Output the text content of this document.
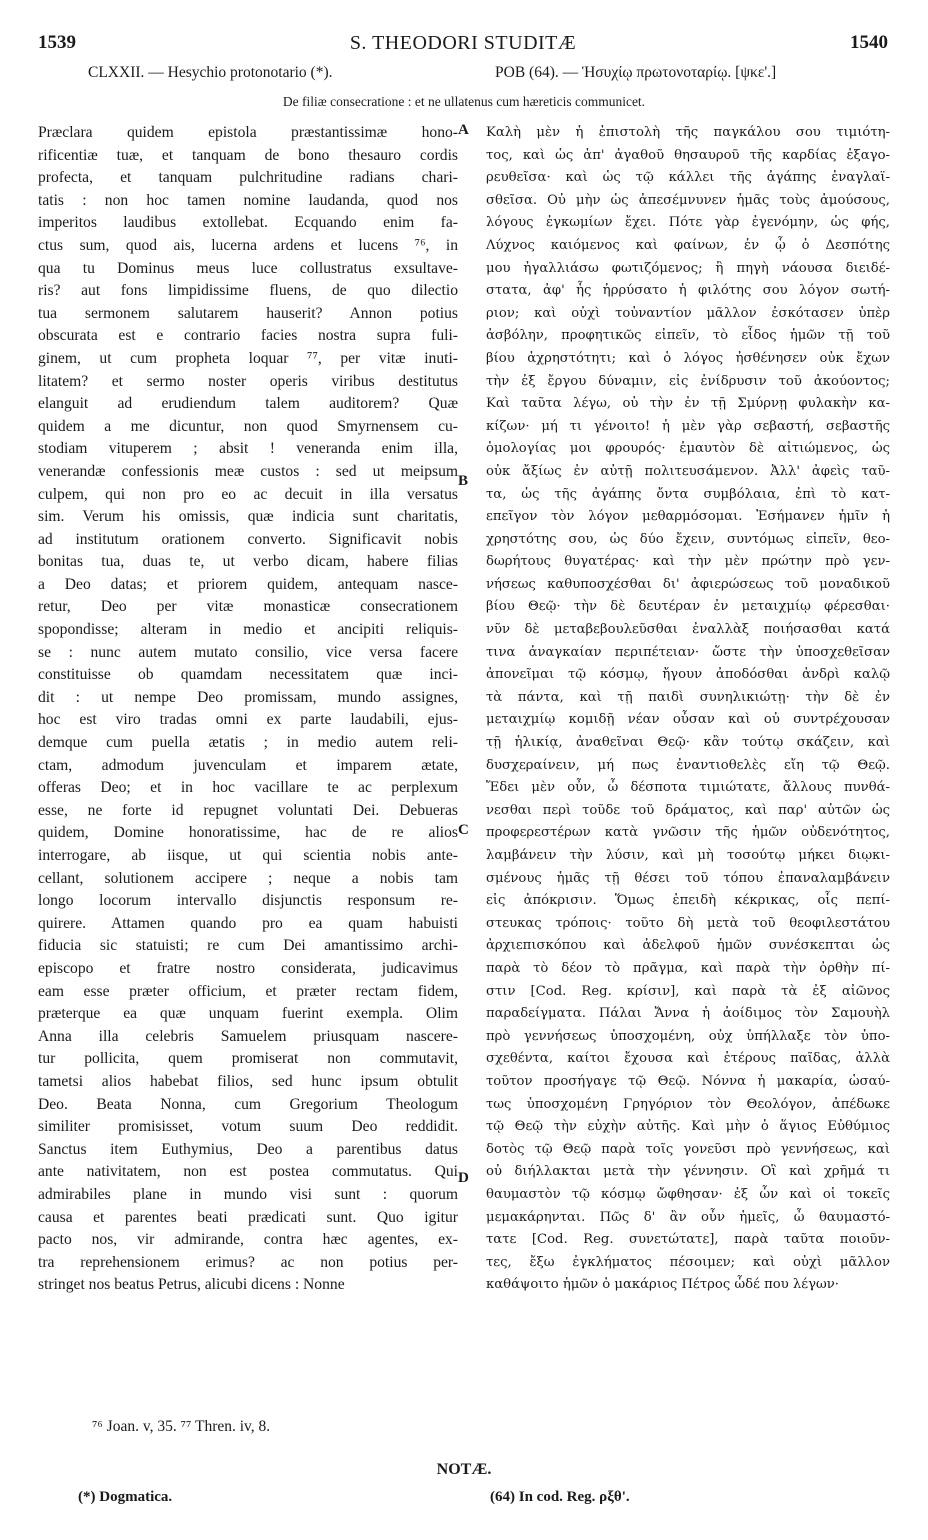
1539	S. THEODORI STUDITÆ	1540
CLXXII. — Hesychio protonotario (*).	ΡΟΒ (64). — Ἡσυχίῳ πρωτονοταρίῳ. [ψκε'.]
De filiæ consecratione : et ne ullatenus cum hæreticis communicet.
Præclara quidem epistola præstantissimæ hono-
rificentiæ tuæ, et tanquam de bono thesauro cordis
profecta, et tanquam pulchritudine radians chari-
tatis : non hoc tamen nomine laudanda, quod nos
imperitos laudibus extollebat. Ecquando enim fa-
ctus sum, quod ais, lucerna ardens et lucens ⁷⁶, in
qua tu Dominus meus luce collustratus exsultave-
ris? aut fons limpidissime fluens, de quo dilectio
tua sermonem salutarem hauserit? Annon potius
obscurata est e contrario facies nostra supra fuli-
ginem, ut cum propheta loquar ⁷⁷, per vitæ inuti-
litatem? et sermo noster operis viribus destitutus
elanguit ad erudiendum talem auditorem? Quæ
quidem a me dicuntur, non quod Smyrnensem cu-
stodiam vituperem ; absit ! veneranda enim illa,
venerandæ confessionis meæ custos : sed ut meipsum
culpem, qui non pro eo ac decuit in illa versatus
sim. Verum his omissis, quæ indicia sunt charitatis,
ad institutum orationem converto. Significavit nobis
bonitas tua, duas te, ut verbo dicam, habere filias
a Deo datas; et priorem quidem, antequam nasce-
retur, Deo per vitæ monasticæ consecrationem
spopondisse; alteram in medio et ancipiti reliquis-
se : nunc autem mutato consilio, vice versa facere
constituisse ob quamdam necessitatem quæ inci-
dit : ut nempe Deo promissam, mundo assignes,
hoc est viro tradas omni ex parte laudabili, ejus-
demque cum puella ætatis ; in medio autem reli-
ctam, admodum juvenculam et imparem ætate,
offeras Deo; et in hoc vacillare te ac perplexum
esse, ne forte id repugnet voluntati Dei. Debueras
quidem, Domine honoratissime, hac de re alios
interrogare, ab iisque, ut qui scientia nobis ante-
cellant, solutionem accipere ; neque a nobis tam
longo locorum intervallo disjunctis responsum re-
quirere. Attamen quando pro ea quam habuisti
fiducia sic statuisti; re cum Dei amantissimo archi-
episcopo et fratre nostro considerata, judicavimus
eam esse præter officium, et præter rectam fidem,
præterque ea quæ unquam fuerint exempla. Olim
Anna illa celebris Samuelem priusquam nascere-
tur pollicita, quem promiserat non commutavit,
tametsi alios habebat filios, sed hunc ipsum obtulit
Deo. Beata Nonna, cum Gregorium Theologum
similiter promisisset, votum suum Deo reddidit.
Sanctus item Euthymius, Deo a parentibus datus
ante nativitatem, non est postea commutatus. Qui
admirabiles plane in mundo visi sunt : quorum
causa et parentes beati prædicati sunt. Quo igitur
pacto nos, vir admirande, contra hæc agentes, ex-
tra reprehensionem erimus? ac non potius per-
stringet nos beatus Petrus, alicubi dicens : Nonne
Καλὴ μὲν ἡ ἐπιστολὴ τῆς παγκάλου σου τιμιότη-
τος, καὶ ὡς ἀπ' ἀγαθοῦ θησαυροῦ τῆς καρδίας ἐξαγο-
ρευθεῖσα· καὶ ὡς τῷ κάλλει τῆς ἀγάπης ἐναγλαϊ-
σθεῖσα. Οὐ μὴν ὡς ἀπεσέμνυνεν ἡμᾶς τοὺς ἀμούσους,
λόγους ἐγκωμίων ἔχει. Πότε γὰρ ἐγενόμην, ὡς φής,
Λύχνος καιόμενος καὶ φαίνων, ἐν ᾧ ὁ Δεσπότης
μου ἠγαλλιάσω φωτιζόμενος; ἢ πηγὴ νάουσα διειδέ-
στατα, ἀφ' ἧς ἠρρύσατο ἡ φιλότης σου λόγον σωτή-
ριον; καὶ οὐχὶ τοὐναντίον μᾶλλον ἐσκότασεν ὑπὲρ
ἀσβόλην, προφητικῶς εἰπεῖν, τὸ εἶδος ἡμῶν τῇ τοῦ
βίου ἀχρηστότητι; καὶ ὁ λόγος ἠσθένησεν οὐκ ἔχων
τὴν ἐξ ἔργου δύναμιν, εἰς ἐνίδρυσιν τοῦ ἀκούοντος;
Καὶ ταῦτα λέγω, οὐ τὴν ἐν τῇ Σμύρνῃ φυλακὴν κα-
κίζων· μή τι γένοιτο! ἡ μὲν γὰρ σεβαστή, σεβαστῆς
ὁμολογίας μοι φρουρός· ἐμαυτὸν δὲ αἰτιώμενος, ὡς
οὐκ ἄξίως ἐν αὐτῇ πολιτευσάμενον. Ἀλλ' ἀφεὶς ταῦ-
τα, ὡς τῆς ἀγάπης ὄντα συμβόλαια, ἐπὶ τὸ κατ-
επεῖγον τὸν λόγον μεθαρμόσομαι. Ἐσήμανεν ἡμῖν ἡ
χρηστότης σου, ὡς δύο ἔχειν, συντόμως εἰπεῖν, θεο-
δωρήτους θυγατέρας· καὶ τὴν μὲν πρώτην πρὸ γεν-
νήσεως καθυποσχέσθαι δι' ἀφιερώσεως τοῦ μοναδικοῦ
βίου Θεῷ· τὴν δὲ δευτέραν ἐν μεταιχμίῳ φέρεσθαι·
νῦν δὲ μεταβεβουλεῦσθαι ἐναλλὰξ ποιήσασθαι κατά
τινα ἀναγκαίαν περιπέτειαν· ὥστε τὴν ὑποσχεθεῖσαν
ἀπονεῖμαι τῷ κόσμῳ, ἤγουν ἀποδόσθαι ἀνδρὶ καλῷ
τὰ πάντα, καὶ τῇ παιδὶ συνηλικιώτῃ· τὴν δὲ ἐν
μεταιχμίῳ κομιδῇ νέαν οὖσαν καὶ οὐ συντρέχουσαν
τῇ ἡλικίᾳ, ἀναθεῖναι Θεῷ· κἂν τούτῳ σκάζειν, καὶ
δυσχεραίνειν, μή πως ἐναντιοθελὲς εἴη τῷ Θεῷ.
Ἔδει μὲν οὖν, ὦ δέσποτα τιμιώτατε, ἄλλους πυνθά-
νεσθαι περὶ τοῦδε τοῦ δράματος, καὶ παρ' αὐτῶν ὡς
προφερεστέρων κατὰ γνῶσιν τῆς ἡμῶν οὐδενότητος,
λαμβάνειν τὴν λύσιν, καὶ μὴ τοσούτῳ μήκει διῳκι-
σμένους ἡμᾶς τῇ θέσει τοῦ τόπου ἐπαναλαμβάνειν
εἰς ἀπόκρισιν. Ὅμως ἐπειδὴ κέκρικας, οἷς πεπί-
στευκας τρόποις· τοῦτο δὴ μετὰ τοῦ θεοφιλεστάτου
ἀρχιεπισκόπου καὶ ἀδελφοῦ ἡμῶν συνέσκεπται ὡς
παρὰ τὸ δέον τὸ πρᾶγμα, καὶ παρὰ τὴν ὀρθὴν πί-
στιν [Cod. Reg. κρίσιν], καὶ παρὰ τὰ ἐξ αἰῶνος
παραδείγματα. Πάλαι Ἄννα ἡ ἀοίδιμος τὸν Σαμουὴλ
πρὸ γεννήσεως ὑποσχομένη, οὐχ ὑπήλλαξε τὸν ὑπο-
σχεθέντα, καίτοι ἔχουσα καὶ ἑτέρους παῖδας, ἀλλὰ
τοῦτον προσήγαγε τῷ Θεῷ. Νόννα ἡ μακαρία, ὡσαύ-
τως ὑποσχομένη Γρηγόριον τὸν Θεολόγον, ἀπέδωκε
τῷ Θεῷ τὴν εὐχὴν αὐτῆς. Καὶ μὴν ὁ ἅγιος Εὐθύμιος
δοτὸς τῷ Θεῷ παρὰ τοῖς γονεῦσι πρὸ γεννήσεως, καὶ
οὐ διήλλακται μετὰ τὴν γέννησιν. Οἳ καὶ χρῆμά τι
θαυμαστὸν τῷ κόσμῳ ὤφθησαν· ἐξ ὧν καὶ οἱ τοκεῖς
μεμακάρηνται. Πῶς δ' ἂν οὖν ἡμεῖς, ὦ θαυμαστό-
τατε [Cod. Reg. συνετώτατε], παρὰ ταῦτα ποιοῦν-
τες, ἔξω ἐγκλήματος πέσοιμεν; καὶ οὐχὶ μᾶλλον
καθάψοιτο ἡμῶν ὁ μακάριος Πέτρος ὧδέ που λέγων·
A
B
C
D
⁷⁶ Joan. v, 35. ⁷⁷ Thren. iv, 8.
NOTÆ.
(*) Dogmatica.	(64) In cod. Reg. ρξθ'.
